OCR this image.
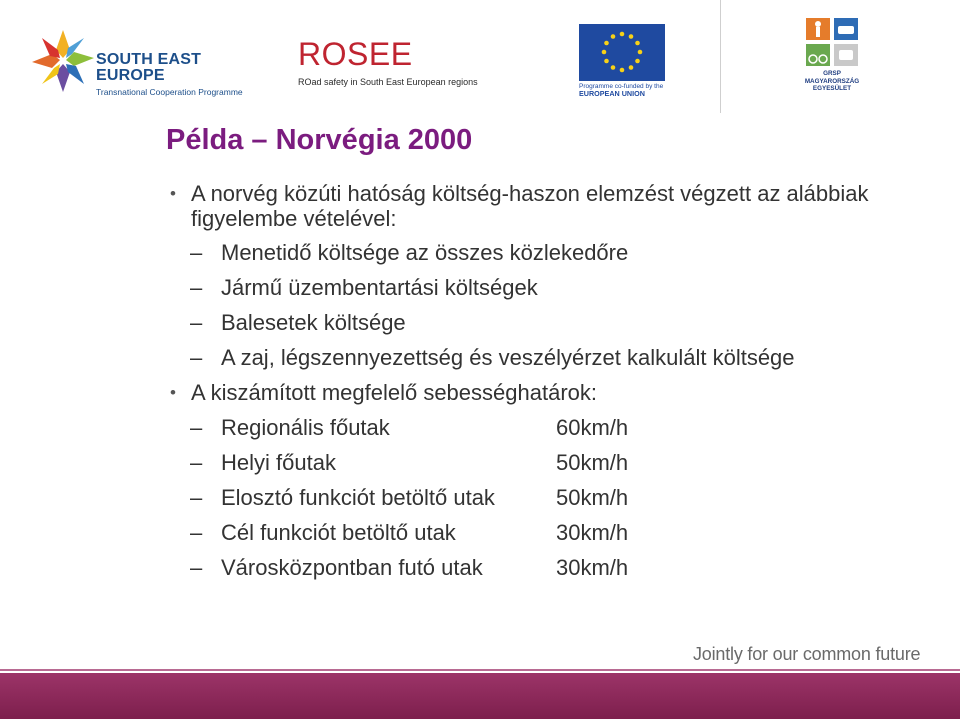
SOUTH EAST
EUROPE
Transnational Cooperation Programme
ROSEE
ROad safety in South East European regions	Programme co-funded by the
EUROPEAN UNION
GRSP
MAGYARORSZÁG
EGYESÜLET
Példa – Norvégia 2000
• A norvég közúti hatóság költség-haszon elemzést végzett az alábbiak figyelembe vételével:
– Menetidő költsége az összes közlekedőre
– Jármű üzembentartási költségek
– Balesetek költsége
– A zaj, légszennyezettség és veszélyérzet kalkulált költsége
• A kiszámított megfelelő sebességhatárok:
– Regionális főutak	60km/h
– Helyi főutak	50km/h
– Elosztó funkciót betöltő utak	50km/h
– Cél funkciót betöltő utak	30km/h
– Városközpontban futó utak	30km/h
Jointly for our common future
